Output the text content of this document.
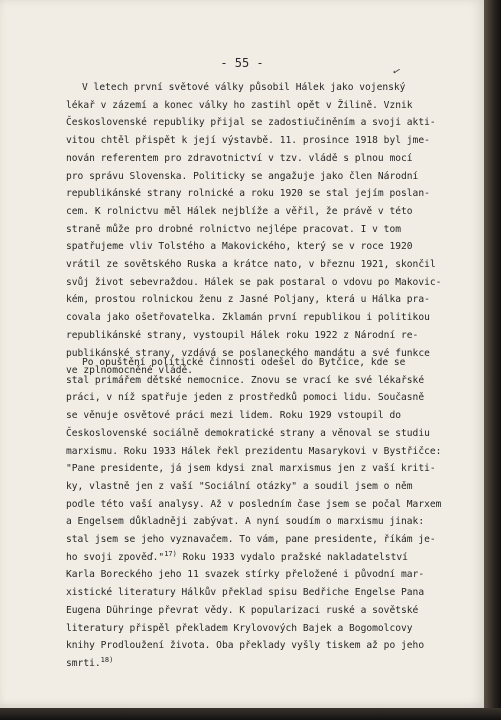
- 55 -
✓
V letech první světové války působil Hálek jako vojenský
lékař v zázemí a konec války ho zastihl opět v Žilině. Vznik
Československé republiky přijal se zadostiučiněním a svoji akti-
vitou chtěl přispět k její výstavbě. 11. prosince 1918 byl jme-
nován referentem pro zdravotnictví v tzv. vládě s plnou mocí
pro správu Slovenska. Politicky se angažuje jako člen Národní
republikánské strany rolnické a roku 1920 se stal jejím poslan-
cem. K rolnictvu měl Hálek nejblíže a věřil, že právě v této
straně může pro drobné rolnictvo nejlépe pracovat. I v tom
spatřujeme vliv Tolstého a Makovického, který se v roce 1920
vrátil ze sovětského Ruska a krátce nato, v březnu 1921, skončil
svůj život sebevraždou. Hálek se pak postaral o vdovu po Makovic-
kém, prostou rolnickou ženu z Jasné Poljany, která u Hálka pra-
covala jako ošetřovatelka. Zklamán první republikou i politikou
republikánské strany, vystoupil Hálek roku 1922 z Národní re-
publikánské strany, vzdává se poslaneckého mandátu a své funkce
ve zplnomocněné vládě.
Po opuštění politické činnosti odešel do Bytčice, kde se
stal primářem dětské nemocnice. Znovu se vrací ke své lékařské
práci, v níž spatřuje jeden z prostředků pomoci lidu. Současně
se věnuje osvětové práci mezi lidem. Roku 1929 vstoupil do
Československé sociálně demokratické strany a věnoval se studiu
marxismu. Roku 1933 Hálek řekl prezidentu Masarykovi v Bystřičce:
"Pane presidente, já jsem kdysi znal marxismus jen z vaší kriti-
ky, vlastně jen z vaší "Sociální otázky" a soudil jsem o něm
podle této vaší analysy. Až v posledním čase jsem se počal Marxem
a Engelsem důkladněji zabývat. A nyní soudím o marxismu jinak:
stal jsem se jeho vyznavačem. To vám, pane presidente, říkám je-
ho svoji zpověď."$^{17)}$ Roku 1933 vydalo pražské nakladatelství
Karla Boreckého jeho 11 svazek stírky přeložené i původní mar-
xistické literatury Hálkův překlad spisu Bedřiche Engelse Pana
Eugena Dühringe převrat vědy. K popularizaci ruské a sovětské
literatury přispěl překladem Krylovových Bajek a Bogomolcovy
knihy Prodloužení života. Oba překlady vyšly tiskem až po jeho
smrti.$^{18)}$
